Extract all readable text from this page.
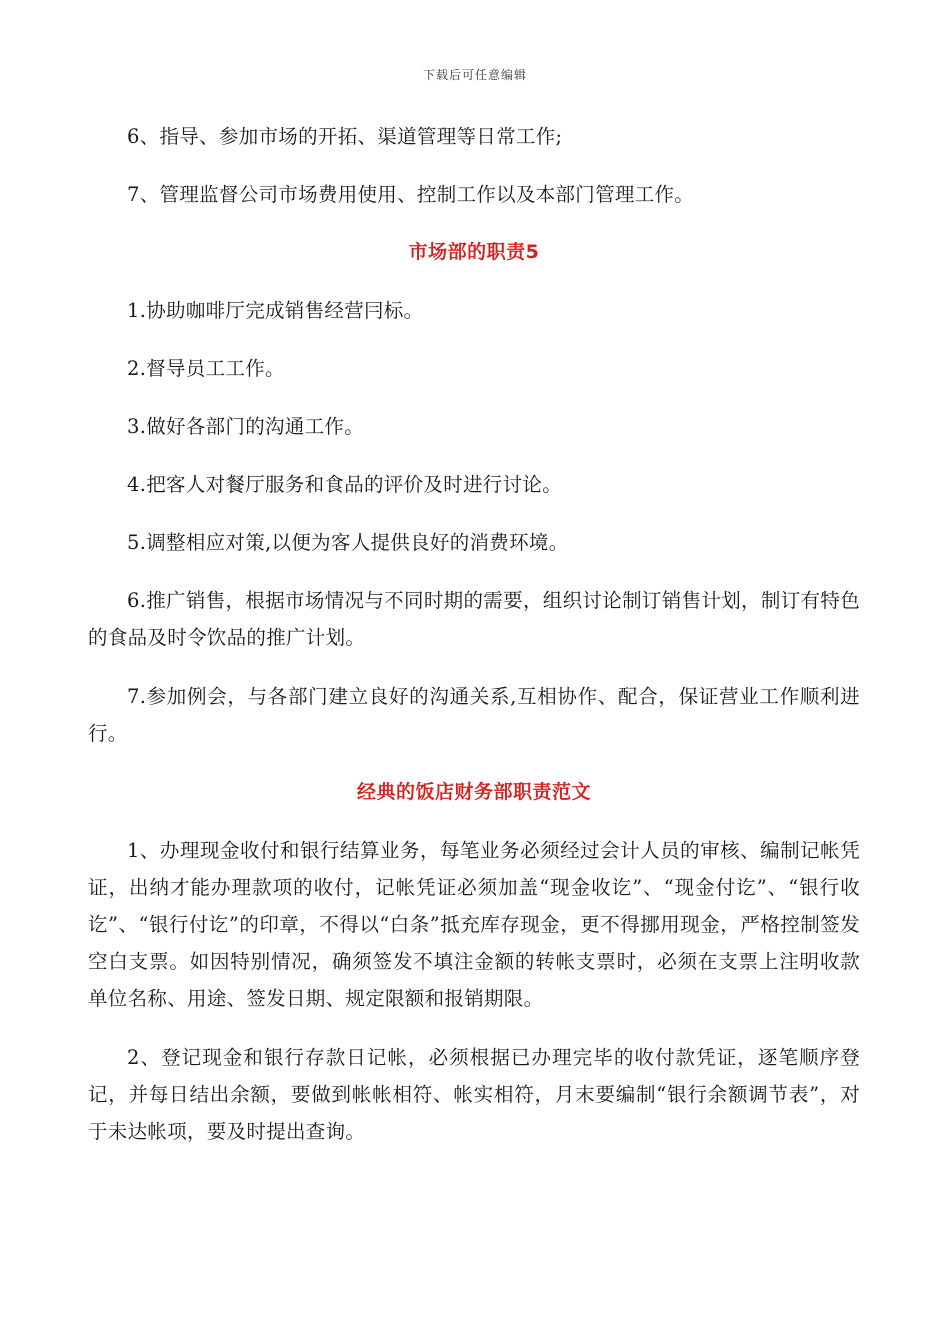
下载后可任意编辑

6、指导、参加市场的开拓、渠道管理等日常工作;

7、管理监督公司市场费用使用、控制工作以及本部门管理工作。

市场部的职责5

1.协助咖啡厅完成销售经营冃标。

2.督导员工工作。

3.做好各部门的沟通工作。

4.把客人对餐厅服务和食品的评价及时进行讨论。

5.调整相应对策,以便为客人提供良好的消费环境。

6.推广销售，根据市场情况与不同时期的需要，组织讨论制订销售计划，制订有特色的食品及时令饮品的推广计划。

7.参加例会，与各部门建立良好的沟通关系,互相协作、配合，保证营业工作顺利进行。

经典的饭店财务部职责范文

1、办理现金收付和银行结算业务，每笔业务必须经过会计人员的审核、编制记帐凭证，出纳才能办理款项的收付，记帐凭证必须加盖“现金收讫”、“现金付讫”、“银行收讫”、“银行付讫”的印章，不得以“白条”抵充库存现金，更不得挪用现金，严格控制签发空白支票。如因特别情况，确须签发不填注金额的转帐支票时，必须在支票上注明收款单位名称、用途、签发日期、规定限额和报销期限。

2、登记现金和银行存款日记帐，必须根据已办理完毕的收付款凭证，逐笔顺序登记，并每日结出余额，要做到帐帐相符、帐实相符，月末要编制“银行余额调节表”，对于未达帐项，要及时提出查询。
